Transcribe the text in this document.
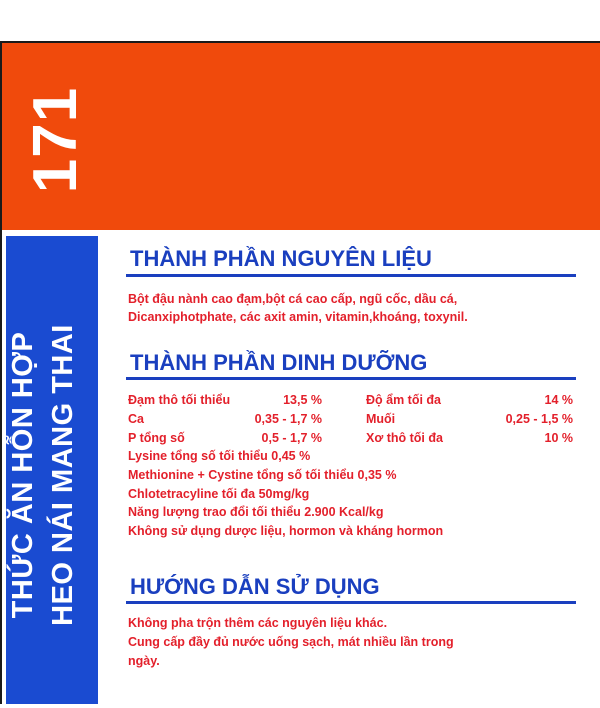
171
THỨC ĂN HỖN HỢP HEO NÁI MANG THAI
THÀNH PHẦN NGUYÊN LIỆU
Bột đậu nành cao đạm,bột cá cao cấp, ngũ cốc, dầu cá,
Dicanxiphotphate, các axit amin, vitamin,khoáng, toxynil.
THÀNH PHẦN DINH DƯỠNG
Đạm thô tối thiểu	13,5 %	Độ ẩm tối đa	14 %
Ca	0,35 - 1,7 %	Muối	0,25 - 1,5 %
P tổng số	0,5 - 1,7 %	Xơ thô tối đa	10 %
Lysine tổng số tối thiểu 0,45 %
Methionine + Cystine tổng số tối thiểu 0,35 %
Chlotetracyline tối đa 50mg/kg
Năng lượng trao đổi tối thiểu 2.900 Kcal/kg
Không sử dụng dược liệu, hormon và kháng hormon
HƯỚNG DẪN SỬ DỤNG
Không pha trộn thêm các nguyên liệu khác.
Cung cấp đầy đủ nước uống sạch, mát nhiều lần trong
ngày.
